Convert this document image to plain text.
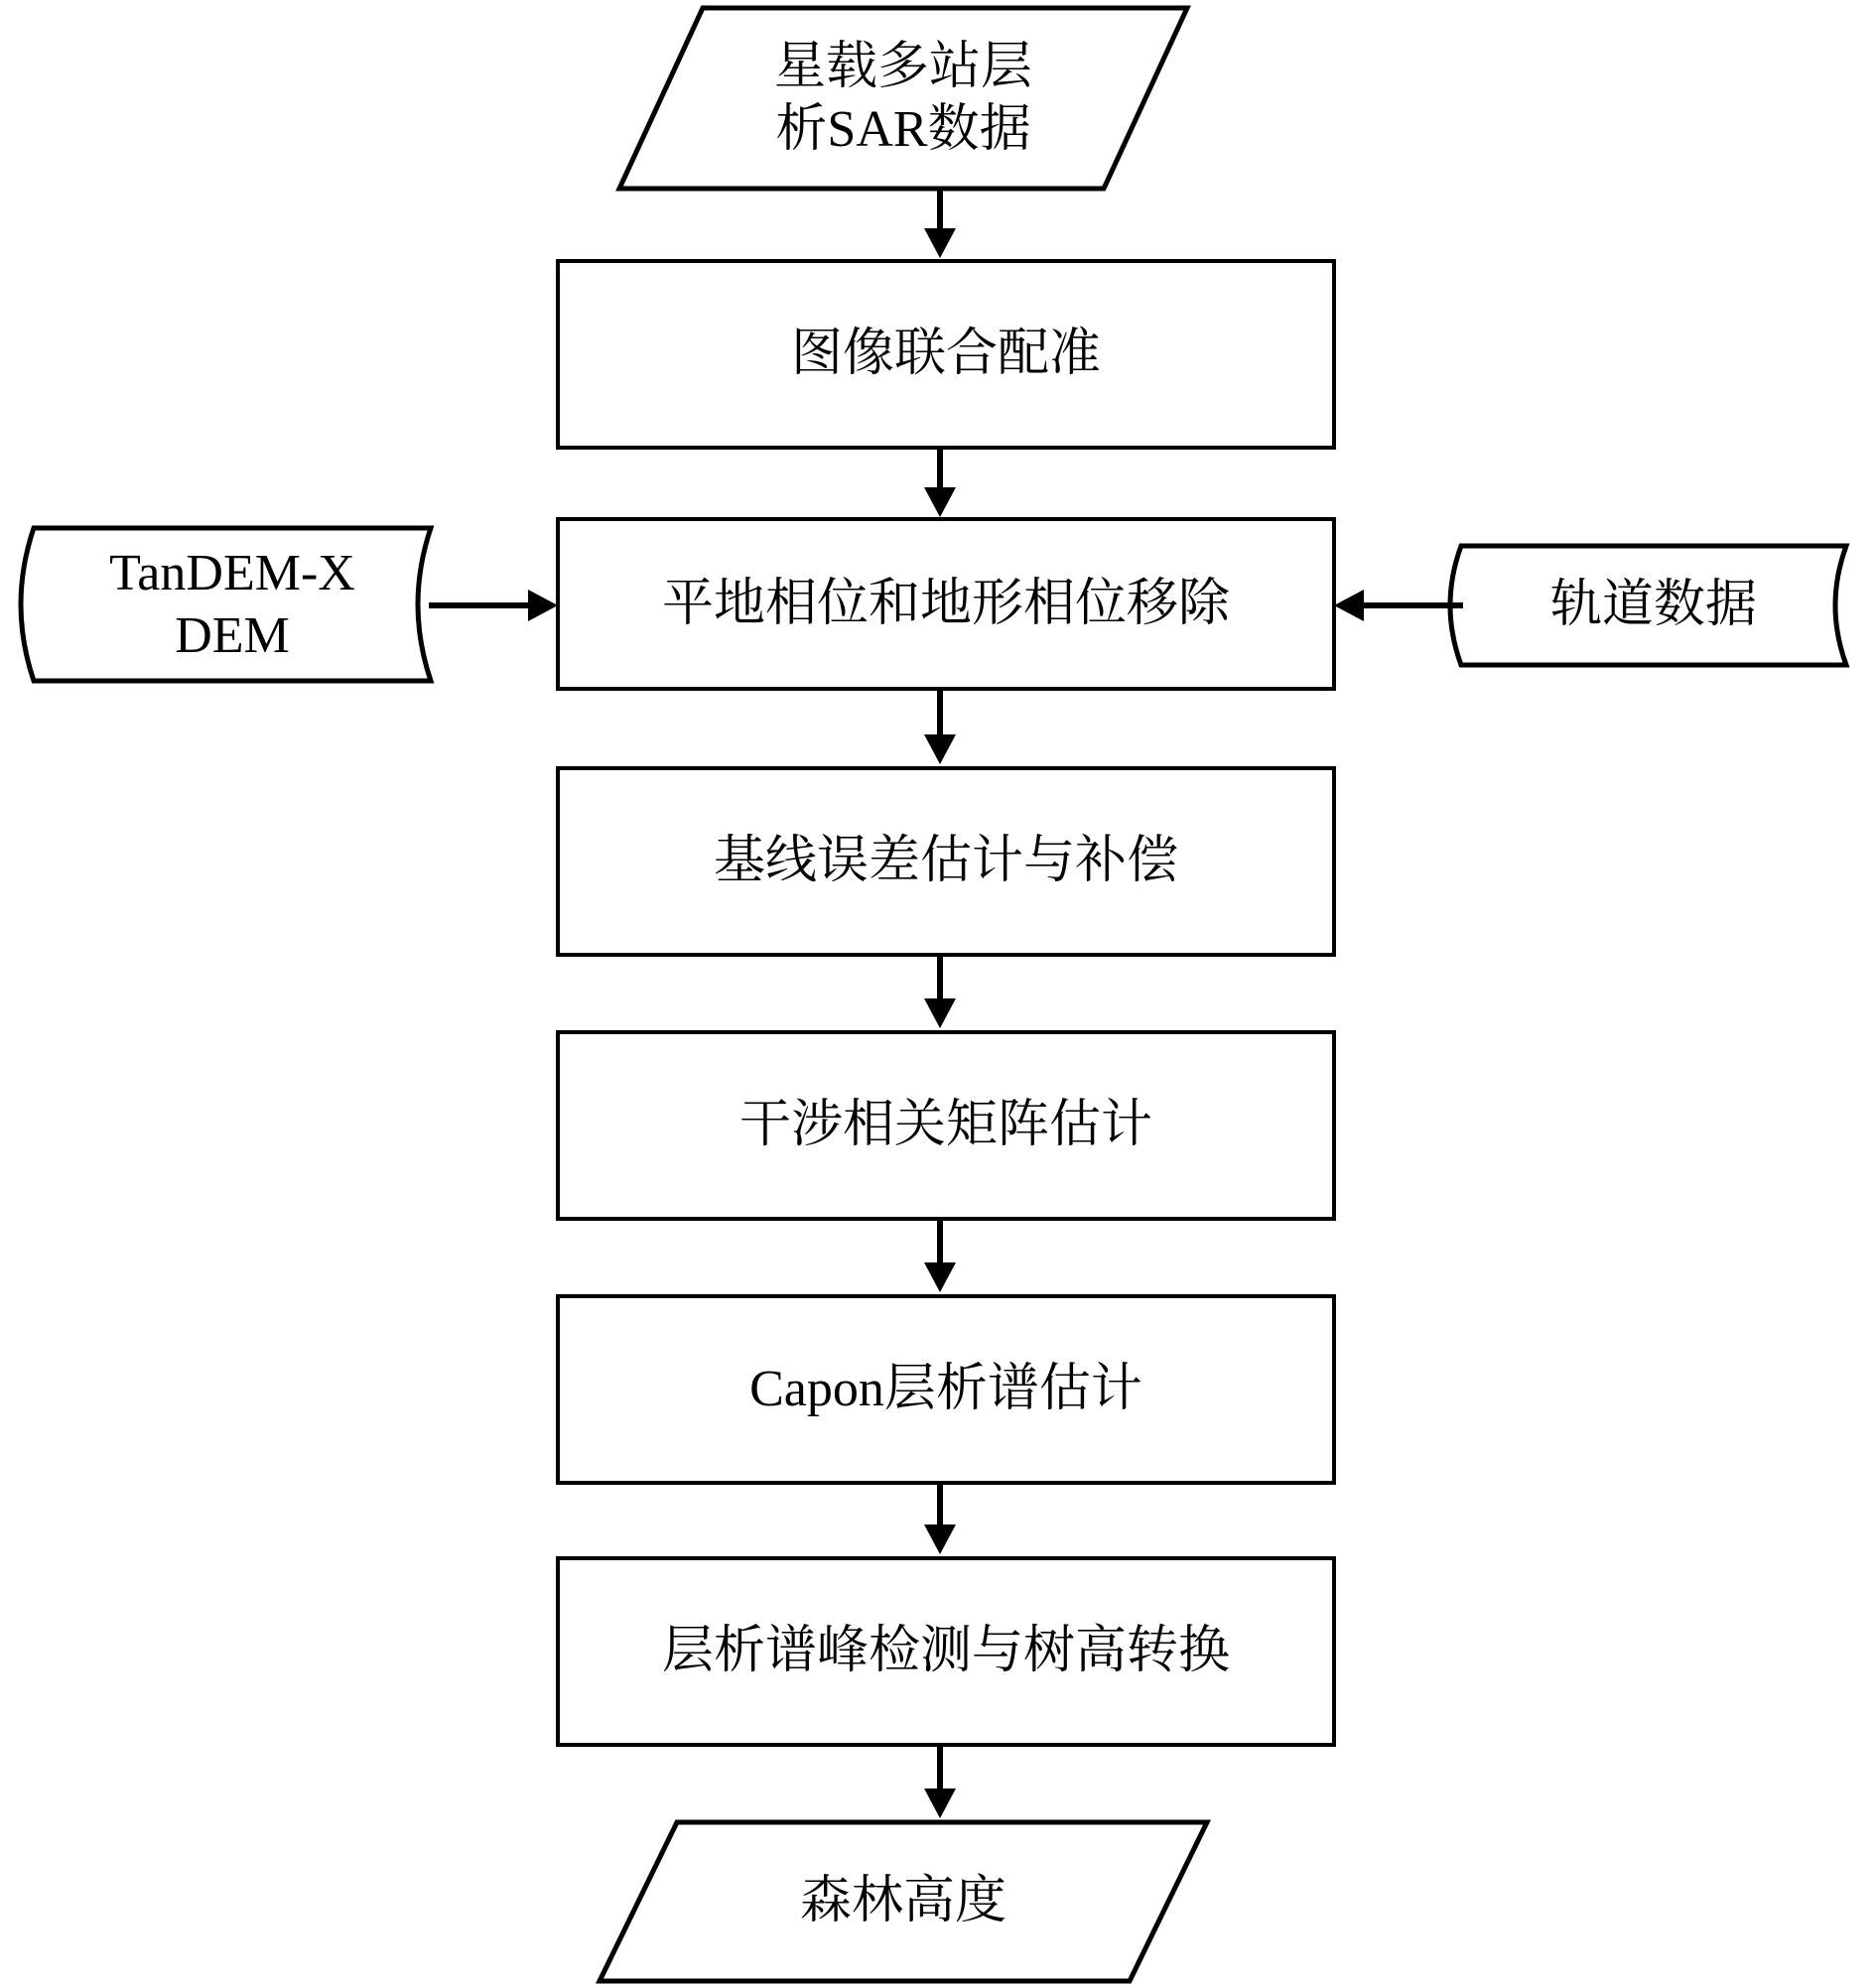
星载多站层
析SAR数据
图像联合配准
平地相位和地形相位移除
TanDEM-X
DEM
轨道数据
基线误差估计与补偿
干涉相关矩阵估计
Capon层析谱估计
层析谱峰检测与树高转换
森林高度
